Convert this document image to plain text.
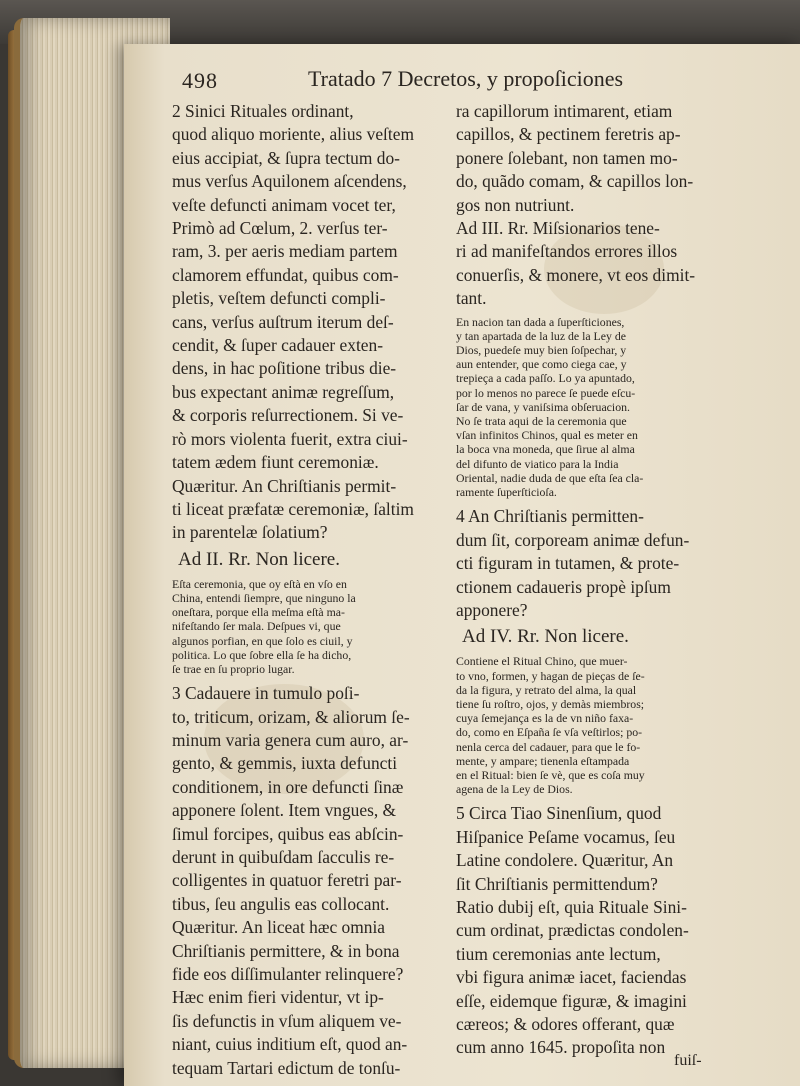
498	Tratado 7 Decretos, y propoſiciones

2 Sinici Rituales ordinant,
quod aliquo moriente, alius veſtem
eius accipiat, & ſupra tectum do-
mus verſus Aquilonem aſcendens,
veſte defuncti animam vocet ter,
Primò ad Cœlum, 2. verſus ter-
ram, 3. per aeris mediam partem
clamorem effundat, quibus com-
pletis, veſtem defuncti compli-
cans, verſus auſtrum iterum deſ-
cendit, & ſuper cadauer exten-
dens, in hac poſitione tribus die-
bus expectant animæ regreſſum,
& corporis reſurrectionem. Si ve-
rò mors violenta fuerit, extra ciui-
tatem ædem fiunt ceremoniæ.
Quæritur. An Chriſtianis permit-
ti liceat præfatæ ceremoniæ, ſaltim
in parentelæ ſolatium?

Ad II. Rr. Non licere.

Eſta ceremonia, que oy eſtà en vſo en
China, entendi ſiempre, que ninguno la
oneſtara, porque ella meſma eſtà ma-
nifeſtando ſer mala. Deſpues vi, que
algunos porfian, en que ſolo es ciuil, y
politica. Lo que ſobre ella ſe ha dicho,
ſe trae en ſu proprio lugar.

3 Cadauere in tumulo poſi-
to, triticum, orizam, & aliorum ſe-
minum varia genera cum auro, ar-
gento, & gemmis, iuxta defuncti
conditionem, in ore defuncti ſinæ
apponere ſolent. Item vngues, &
ſimul forcipes, quibus eas abſcin-
derunt in quibuſdam ſacculis re-
colligentes in quatuor feretri par-
tibus, ſeu angulis eas collocant.
Quæritur. An liceat hæc omnia
Chriſtianis permittere, & in bona
fide eos diſſimulanter relinquere?
Hæc enim fieri videntur, vt ip-
ſis defunctis in vſum aliquem ve-
niant, cuius inditium eſt, quod an-
tequam Tartari edictum de tonſu-

ra capillorum intimarent, etiam
capillos, & pectinem feretris ap-
ponere ſolebant, non tamen mo-
do, quãdo comam, & capillos lon-
gos non nutriunt.

Ad III. Rr. Miſsionarios tene-
ri ad manifeſtandos errores illos
conuerſis, & monere, vt eos dimit-
tant.

En nacion tan dada a ſuperſticiones,
y tan apartada de la luz de la Ley de
Dios, puedeſe muy bien ſoſpechar, y
aun entender, que como ciega cae, y
trepieça a cada paſſo. Lo ya apuntado,
por lo menos no parece ſe puede eſcu-
ſar de vana, y vaniſsima obſeruacion.
No ſe trata aqui de la ceremonia que
vſan infinitos Chinos, qual es meter en
la boca vna moneda, que ſirue al alma
del difunto de viatico para la India
Oriental, nadie duda de que eſta ſea cla-
ramente ſuperſticioſa.

4 An Chriſtianis permitten-
dum ſit, corpoream animæ defun-
cti figuram in tutamen, & prote-
ctionem cadaueris propè ipſum
apponere?

Ad IV. Rr. Non licere.

Contiene el Ritual Chino, que muer-
to vno, formen, y hagan de pieças de ſe-
da la figura, y retrato del alma, la qual
tiene ſu roſtro, ojos, y demàs miembros;
cuya ſemejança es la de vn niño faxa-
do, como en Eſpaña ſe vſa veſtirlos; po-
nenla cerca del cadauer, para que le fo-
mente, y ampare; tienenla eſtampada
en el Ritual: bien ſe vè, que es coſa muy
agena de la Ley de Dios.

5 Circa Tiao Sinenſium, quod
Hiſpanice Peſame vocamus, ſeu
Latine condolere. Quæritur, An
ſit Chriſtianis permittendum?
Ratio dubij eſt, quia Rituale Sini-
cum ordinat, prædictas condolen-
tium ceremonias ante lectum,
vbi figura animæ iacet, faciendas
eſſe, eidemque figuræ, & imagini
cæreos; & odores offerant, quæ
cum anno 1645. propoſita non

fuiſ-
